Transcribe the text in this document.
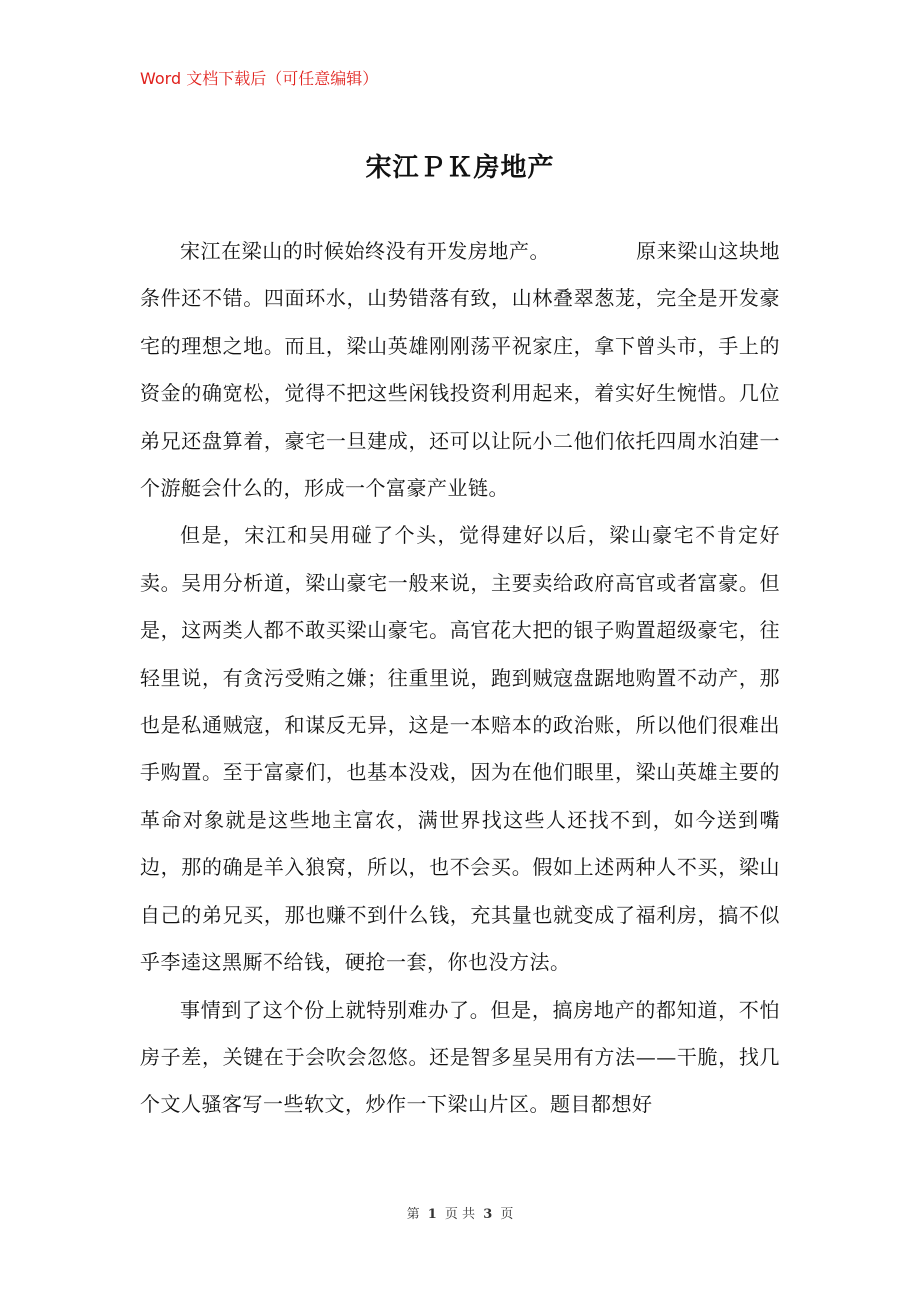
Word 文档下载后（可任意编辑）
宋江ＰＫ房地产

宋江在梁山的时候始终没有开发房地产。	原来梁山这块地条件还不错。四面环水，山势错落有致，山林叠翠葱茏，完全是开发豪宅的理想之地。而且，梁山英雄刚刚荡平祝家庄，拿下曾头市，手上的资金的确宽松，觉得不把这些闲钱投资利用起来，着实好生惋惜。几位弟兄还盘算着，豪宅一旦建成，还可以让阮小二他们依托四周水泊建一个游艇会什么的，形成一个富豪产业链。

但是，宋江和吴用碰了个头，觉得建好以后，梁山豪宅不肯定好卖。吴用分析道，梁山豪宅一般来说，主要卖给政府高官或者富豪。但是，这两类人都不敢买梁山豪宅。高官花大把的银子购置超级豪宅，往轻里说，有贪污受贿之嫌；往重里说，跑到贼寇盘踞地购置不动产，那也是私通贼寇，和谋反无异，这是一本赔本的政治账，所以他们很难出手购置。至于富豪们，也基本没戏，因为在他们眼里，梁山英雄主要的革命对象就是这些地主富农，满世界找这些人还找不到，如今送到嘴边，那的确是羊入狼窝，所以，也不会买。假如上述两种人不买，梁山自己的弟兄买，那也赚不到什么钱，充其量也就变成了福利房，搞不似乎李逵这黑厮不给钱，硬抢一套，你也没方法。

事情到了这个份上就特别难办了。但是，搞房地产的都知道，不怕房子差，关键在于会吹会忽悠。还是智多星吴用有方法——干脆，找几个文人骚客写一些软文，炒作一下梁山片区。题目都想好

第 1 页 共 3 页
